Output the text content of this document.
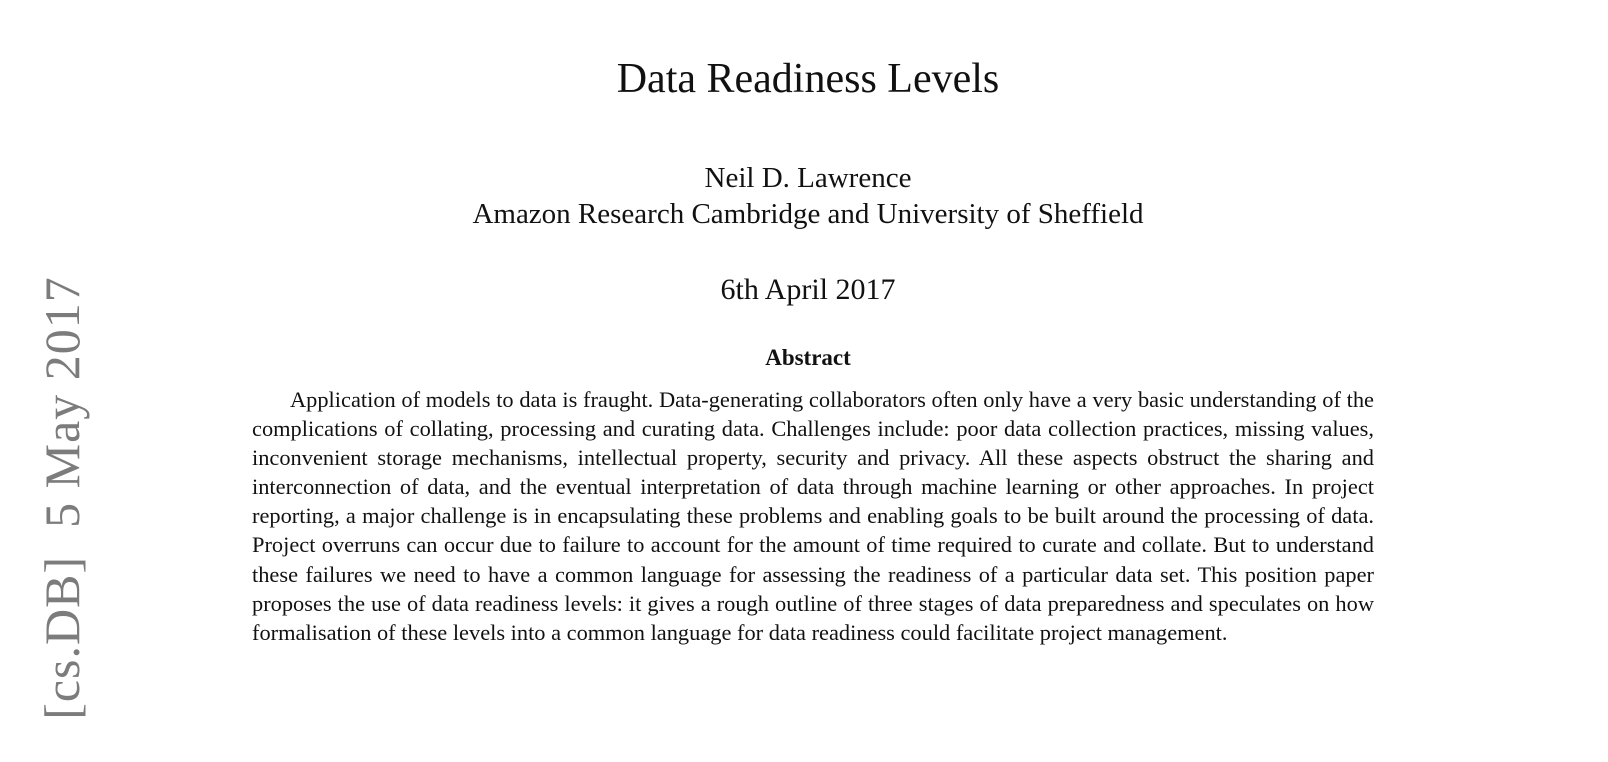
[cs.DB]
5 May 2017
Data Readiness Levels
Neil D. Lawrence
Amazon Research Cambridge and University of Sheffield
6th April 2017
Abstract

Application of models to data is fraught. Data-generating collaborators often only have a very basic understanding of the complications of collating, processing and curating data. Challenges include: poor data collection practices, missing values, inconvenient storage mechanisms, intellectual property, security and privacy. All these aspects obstruct the sharing and interconnection of data, and the eventual interpretation of data through machine learning or other approaches. In project reporting, a major challenge is in encapsulating these problems and enabling goals to be built around the processing of data. Project overruns can occur due to failure to account for the amount of time required to curate and collate. But to understand these failures we need to have a common language for assessing the readiness of a particular data set. This position paper proposes the use of data readiness levels: it gives a rough outline of three stages of data preparedness and speculates on how formalisation of these levels into a common language for data readiness could facilitate project management.
